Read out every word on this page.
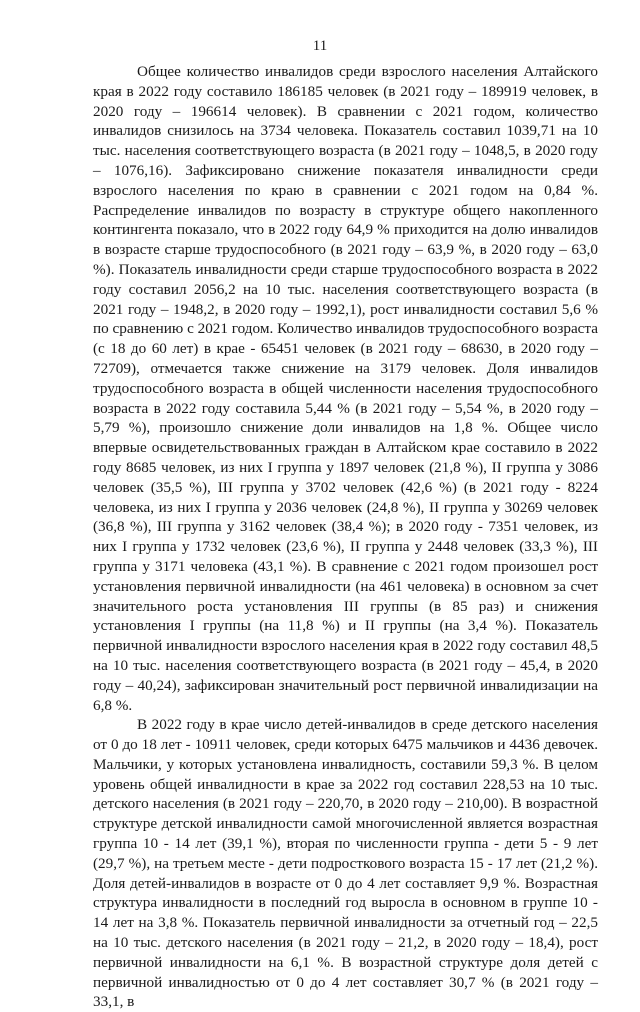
11

Общее количество инвалидов среди взрослого населения Алтайского края в 2022 году составило 186185 человек (в 2021 году – 189919 человек, в 2020 году – 196614 человек). В сравнении с 2021 годом, количество инвалидов снизилось на 3734 человека. Показатель составил 1039,71 на 10 тыс. населения соответствующего возраста (в 2021 году – 1048,5, в 2020 году – 1076,16). Зафиксировано снижение показателя инвалидности среди взрослого населения по краю в сравнении с 2021 годом на 0,84 %. Распределение инвалидов по возрасту в структуре общего накопленного контингента показало, что в 2022 году 64,9 % приходится на долю инвалидов в возрасте старше трудоспособного (в 2021 году – 63,9 %, в 2020 году – 63,0 %). Показатель инвалидности среди старше трудоспособного возраста в 2022 году составил 2056,2 на 10 тыс. населения соответствующего возраста (в 2021 году – 1948,2, в 2020 году – 1992,1), рост инвалидности составил 5,6 % по сравнению с 2021 годом. Количество инвалидов трудоспособного возраста (с 18 до 60 лет) в крае - 65451 человек (в 2021 году – 68630, в 2020 году – 72709), отмечается также снижение на 3179 человек. Доля инвалидов трудоспособного возраста в общей численности населения трудоспособного возраста в 2022 году составила 5,44 % (в 2021 году – 5,54 %, в 2020 году – 5,79 %), произошло снижение доли инвалидов на 1,8 %. Общее число впервые освидетельствованных граждан в Алтайском крае составило в 2022 году 8685 человек, из них I группа у 1897 человек (21,8 %), II группа у 3086 человек (35,5 %), III группа у 3702 человек (42,6 %) (в 2021 году - 8224 человека, из них I группа у 2036 человек (24,8 %), II группа у 30269 человек (36,8 %), III группа у 3162 человек (38,4 %); в 2020 году - 7351 человек, из них I группа у 1732 человек (23,6 %), II группа у 2448 человек (33,3 %), III группа у 3171 человека (43,1 %). В сравнение с 2021 годом произошел рост установления первичной инвалидности (на 461 человека) в основном за счет значительного роста установления III группы (в 85 раз) и снижения установления I группы (на 11,8 %) и II группы (на 3,4 %). Показатель первичной инвалидности взрослого населения края в 2022 году составил 48,5 на 10 тыс. населения соответствующего возраста (в 2021 году – 45,4, в 2020 году – 40,24), зафиксирован значительный рост первичной инвалидизации на 6,8 %.

В 2022 году в крае число детей-инвалидов в среде детского населения от 0 до 18 лет - 10911 человек, среди которых 6475 мальчиков и 4436 девочек. Мальчики, у которых установлена инвалидность, составили 59,3 %. В целом уровень общей инвалидности в крае за 2022 год составил 228,53 на 10 тыс. детского населения (в 2021 году – 220,70, в 2020 году – 210,00). В возрастной структуре детской инвалидности самой многочисленной является возрастная группа 10 - 14 лет (39,1 %), вторая по численности группа - дети 5 - 9 лет (29,7 %), на третьем месте - дети подросткового возраста 15 - 17 лет (21,2 %). Доля детей-инвалидов в возрасте от 0 до 4 лет составляет 9,9 %. Возрастная структура инвалидности в последний год выросла в основном в группе 10 - 14 лет на 3,8 %. Показатель первичной инвалидности за отчетный год – 22,5 на 10 тыс. детского населения (в 2021 году – 21,2, в 2020 году – 18,4), рост первичной инвалидности на 6,1 %. В возрастной структуре доля детей с первичной инвалидностью от 0 до 4 лет составляет 30,7 % (в 2021 году – 33,1, в
